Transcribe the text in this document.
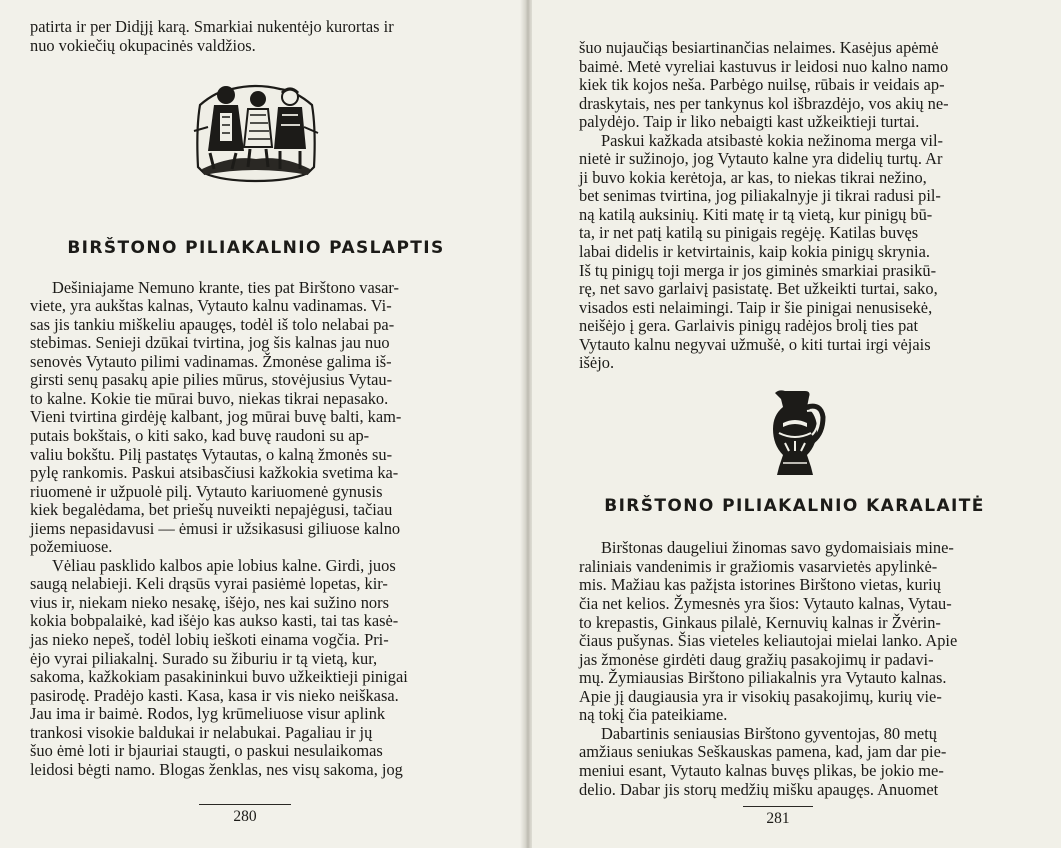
patirta ir per Didįjį karą. Smarkiai nukentėjo kurortas ir
nuo vokiečių okupacinės valdžios.

BIRŠTONO PILIAKALNIO PASLAPTIS

Dešiniajame Nemuno krante, ties pat Birštono vasar-
viete, yra aukštas kalnas, Vytauto kalnu vadinamas. Vi-
sas jis tankiu miškeliu apaugęs, todėl iš tolo nelabai pa-
stebimas. Senieji dzūkai tvirtina, jog šis kalnas jau nuo
senovės Vytauto pilimi vadinamas. Žmonėse galima iš-
girsti senų pasakų apie pilies mūrus, stovėjusius Vytau-
to kalne. Kokie tie mūrai buvo, niekas tikrai nepasako.
Vieni tvirtina girdėję kalbant, jog mūrai buvę balti, kam-
putais bokštais, o kiti sako, kad buvę raudoni su ap-
valiu bokštu. Pilį pastatęs Vytautas, o kalną žmonės su-
pylę rankomis. Paskui atsibasčiusi kažkokia svetima ka-
riuomenė ir užpuolė pilį. Vytauto kariuomenė gynusis
kiek begalėdama, bet priešų nuveikti nepajėgusi, tačiau
jiems nepasidavusi — ėmusi ir užsikasusi giliuose kalno
požemiuose.

Vėliau pasklido kalbos apie lobius kalne. Girdi, juos
saugą nelabieji. Keli drąsūs vyrai pasiėmė lopetas, kir-
vius ir, niekam nieko nesakę, išėjo, nes kai sužino nors
kokia bobpalaikė, kad išėjo kas aukso kasti, tai tas kasė-
jas nieko nepeš, todėl lobių ieškoti einama vogčia. Pri-
ėjo vyrai piliakalnį. Surado su žiburiu ir tą vietą, kur,
sakoma, kažkokiam pasakininkui buvo užkeiktieji pinigai
pasirodę. Pradėjo kasti. Kasa, kasa ir vis nieko neiškasa.
Jau ima ir baimė. Rodos, lyg krūmeliuose visur aplink
trankosi visokie baldukai ir nelabukai. Pagaliau ir jų
šuo ėmė loti ir bjauriai staugti, o paskui nesulaikomas
leidosi bėgti namo. Blogas ženklas, nes visų sakoma, jog

280

šuo nujaučiąs besiartinančias nelaimes. Kasėjus apėmė
baimė. Metė vyreliai kastuvus ir leidosi nuo kalno namo
kiek tik kojos neša. Parbėgo nuilsę, rūbais ir veidais ap-
draskytais, nes per tankynus kol išbrazdėjo, vos akių ne-
palydėjo. Taip ir liko nebaigti kast užkeiktieji turtai.

Paskui kažkada atsibastė kokia nežinoma merga vil-
nietė ir sužinojo, jog Vytauto kalne yra didelių turtų. Ar
ji buvo kokia kerėtoja, ar kas, to niekas tikrai nežino,
bet senimas tvirtina, jog piliakalnyje ji tikrai radusi pil-
ną katilą auksinių. Kiti matę ir tą vietą, kur pinigų bū-
ta, ir net patį katilą su pinigais regėję. Katilas buvęs
labai didelis ir ketvirtainis, kaip kokia pinigų skrynia.
Iš tų pinigų toji merga ir jos giminės smarkiai prasikū-
rę, net savo garlaivį pasistatę. Bet užkeikti turtai, sako,
visados esti nelaimingi. Taip ir šie pinigai nenusisekė,
neišėjo į gera. Garlaivis pinigų radėjos brolį ties pat
Vytauto kalnu negyvai užmušė, o kiti turtai irgi vėjais
išėjo.

BIRŠTONO PILIAKALNIO KARALAITĖ

Birštonas daugeliui žinomas savo gydomaisiais mine-
raliniais vandenimis ir gražiomis vasarvietės apylinkė-
mis. Mažiau kas pažįsta istorines Birštono vietas, kurių
čia net kelios. Žymesnės yra šios: Vytauto kalnas, Vytau-
to krepastis, Ginkaus pilalė, Kernuvių kalnas ir Žvėrin-
čiaus pušynas. Šias vieteles keliautojai mielai lanko. Apie
jas žmonėse girdėti daug gražių pasakojimų ir padavi-
mų. Žymiausias Birštono piliakalnis yra Vytauto kalnas.
Apie jį daugiausia yra ir visokių pasakojimų, kurių vie-
ną tokį čia pateikiame.

Dabartinis seniausias Birštono gyventojas, 80 metų
amžiaus seniukas Seškauskas pamena, kad, jam dar pie-
meniui esant, Vytauto kalnas buvęs plikas, be jokio me-
delio. Dabar jis storų medžių mišku apaugęs. Anuomet

281
